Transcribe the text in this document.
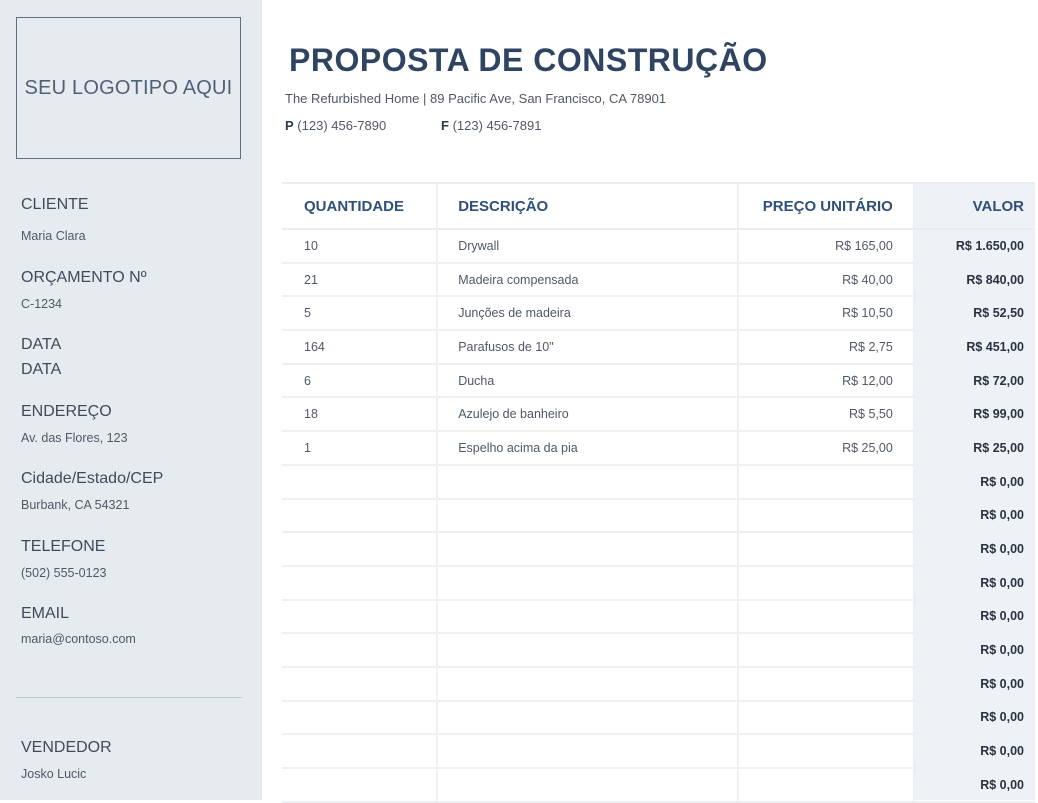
SEU LOGOTIPO AQUI
CLIENTE
Maria Clara
ORÇAMENTO Nº
C-1234
DATA
DATA
ENDEREÇO
Av. das Flores, 123
Cidade/Estado/CEP
Burbank, CA 54321
TELEFONE
(502) 555-0123
EMAIL
maria@contoso.com
VENDEDOR
Josko Lucic
PROPOSTA DE CONSTRUÇÃO
The Refurbished Home | 89 Pacific Ave, San Francisco, CA 78901
P (123) 456-7890	F (123) 456-7891
QUANTIDADE	DESCRIÇÃO	PREÇO UNITÁRIO	VALOR
10	Drywall	R$ 165,00	R$ 1.650,00
21	Madeira compensada	R$ 40,00	R$ 840,00
5	Junções de madeira	R$ 10,50	R$ 52,50
164	Parafusos de 10"	R$ 2,75	R$ 451,00
6	Ducha	R$ 12,00	R$ 72,00
18	Azulejo de banheiro	R$ 5,50	R$ 99,00
1	Espelho acima da pia	R$ 25,00	R$ 25,00
			R$ 0,00
			R$ 0,00
			R$ 0,00
			R$ 0,00
			R$ 0,00
			R$ 0,00
			R$ 0,00
			R$ 0,00
			R$ 0,00
			R$ 0,00
